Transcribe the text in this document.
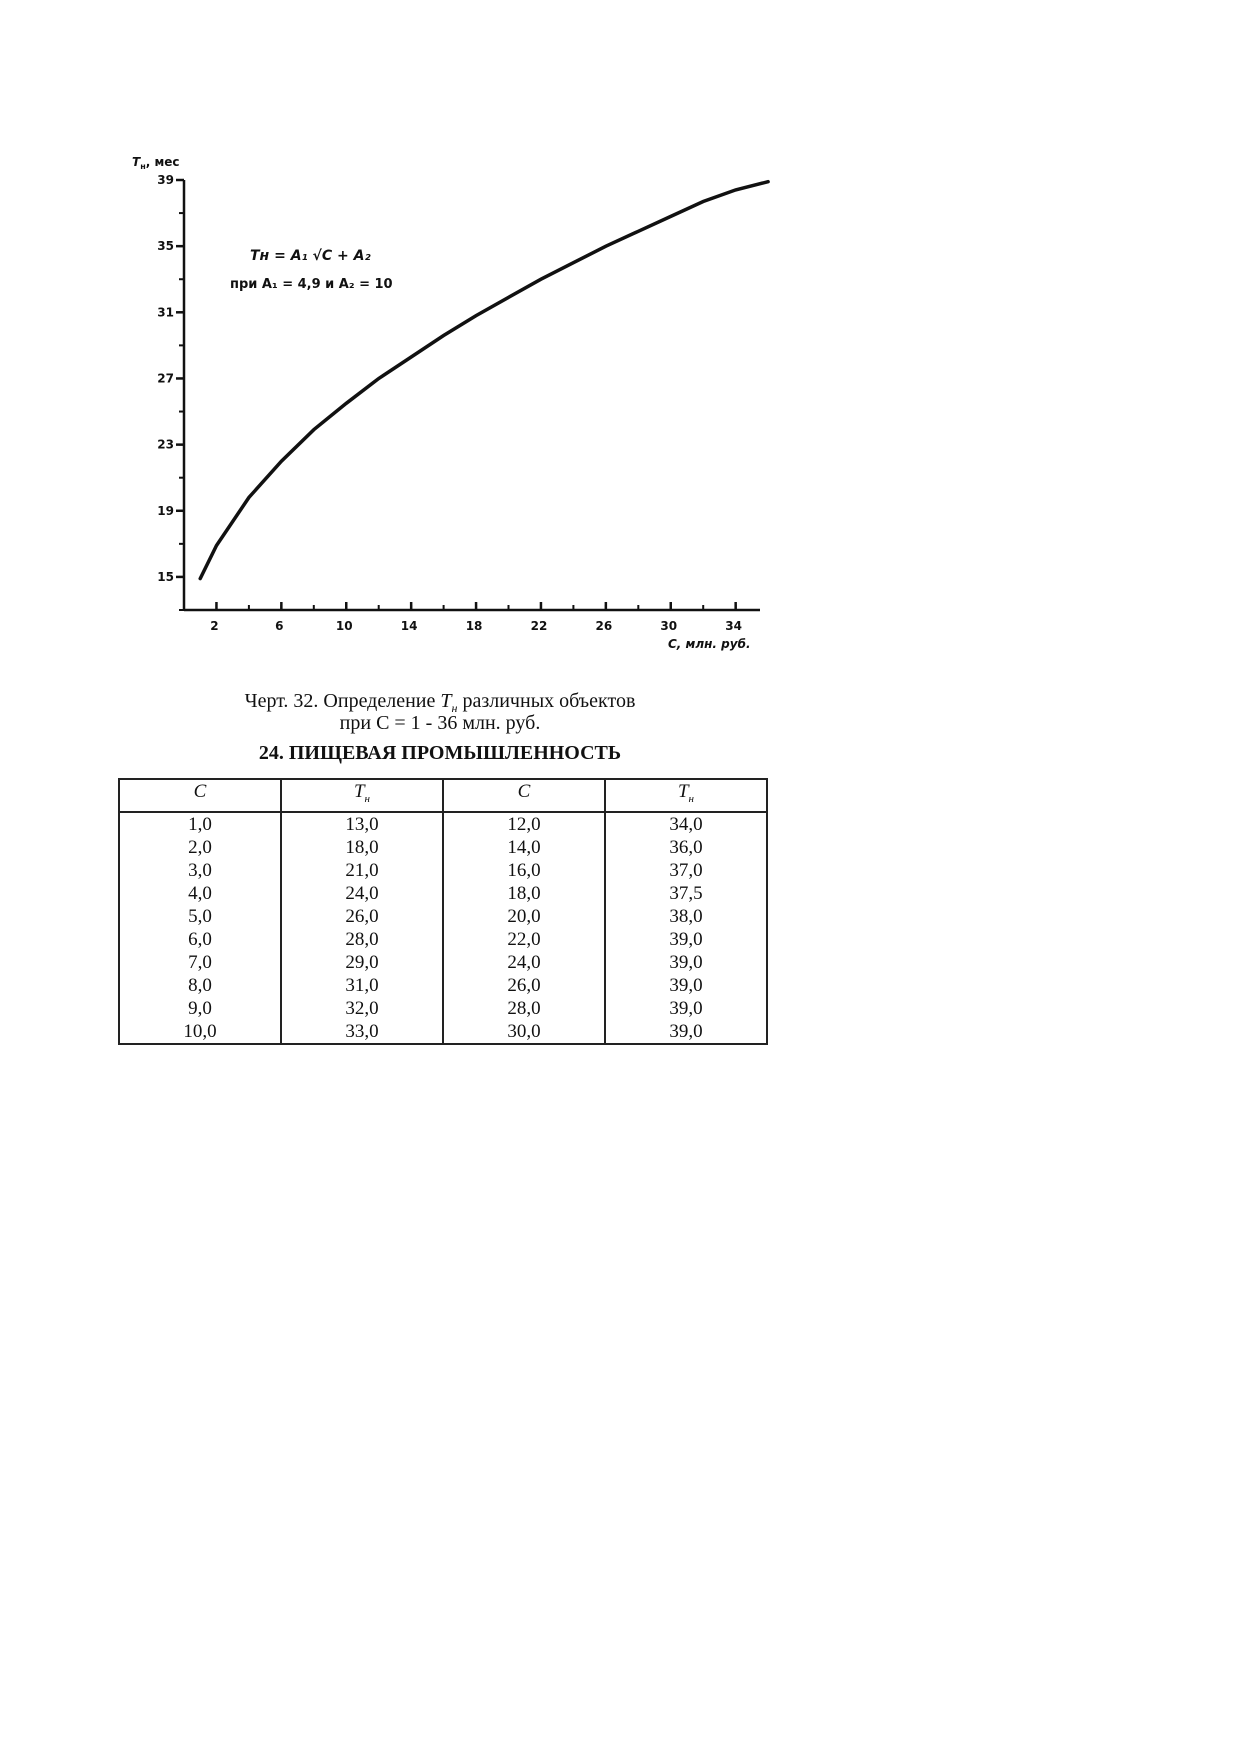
2	6	10	14	18	22	26	30	34
15
19
23
27
31
35
39
$T_н$, мес
C, млн. руб.
Tн = A₁ √C + A₂
при A₁ = 4,9 и A₂ = 10
Черт. 32. Определение $T_н$ различных объектов
при С = 1 - 36 млн. руб.
24. ПИЩЕВАЯ ПРОМЫШЛЕННОСТЬ
C	$T_н$	C	$T_н$
1,0	13,0	12,0	34,0
2,0	18,0	14,0	36,0
3,0	21,0	16,0	37,0
4,0	24,0	18,0	37,5
5,0	26,0	20,0	38,0
6,0	28,0	22,0	39,0
7,0	29,0	24,0	39,0
8,0	31,0	26,0	39,0
9,0	32,0	28,0	39,0
10,0	33,0	30,0	39,0
